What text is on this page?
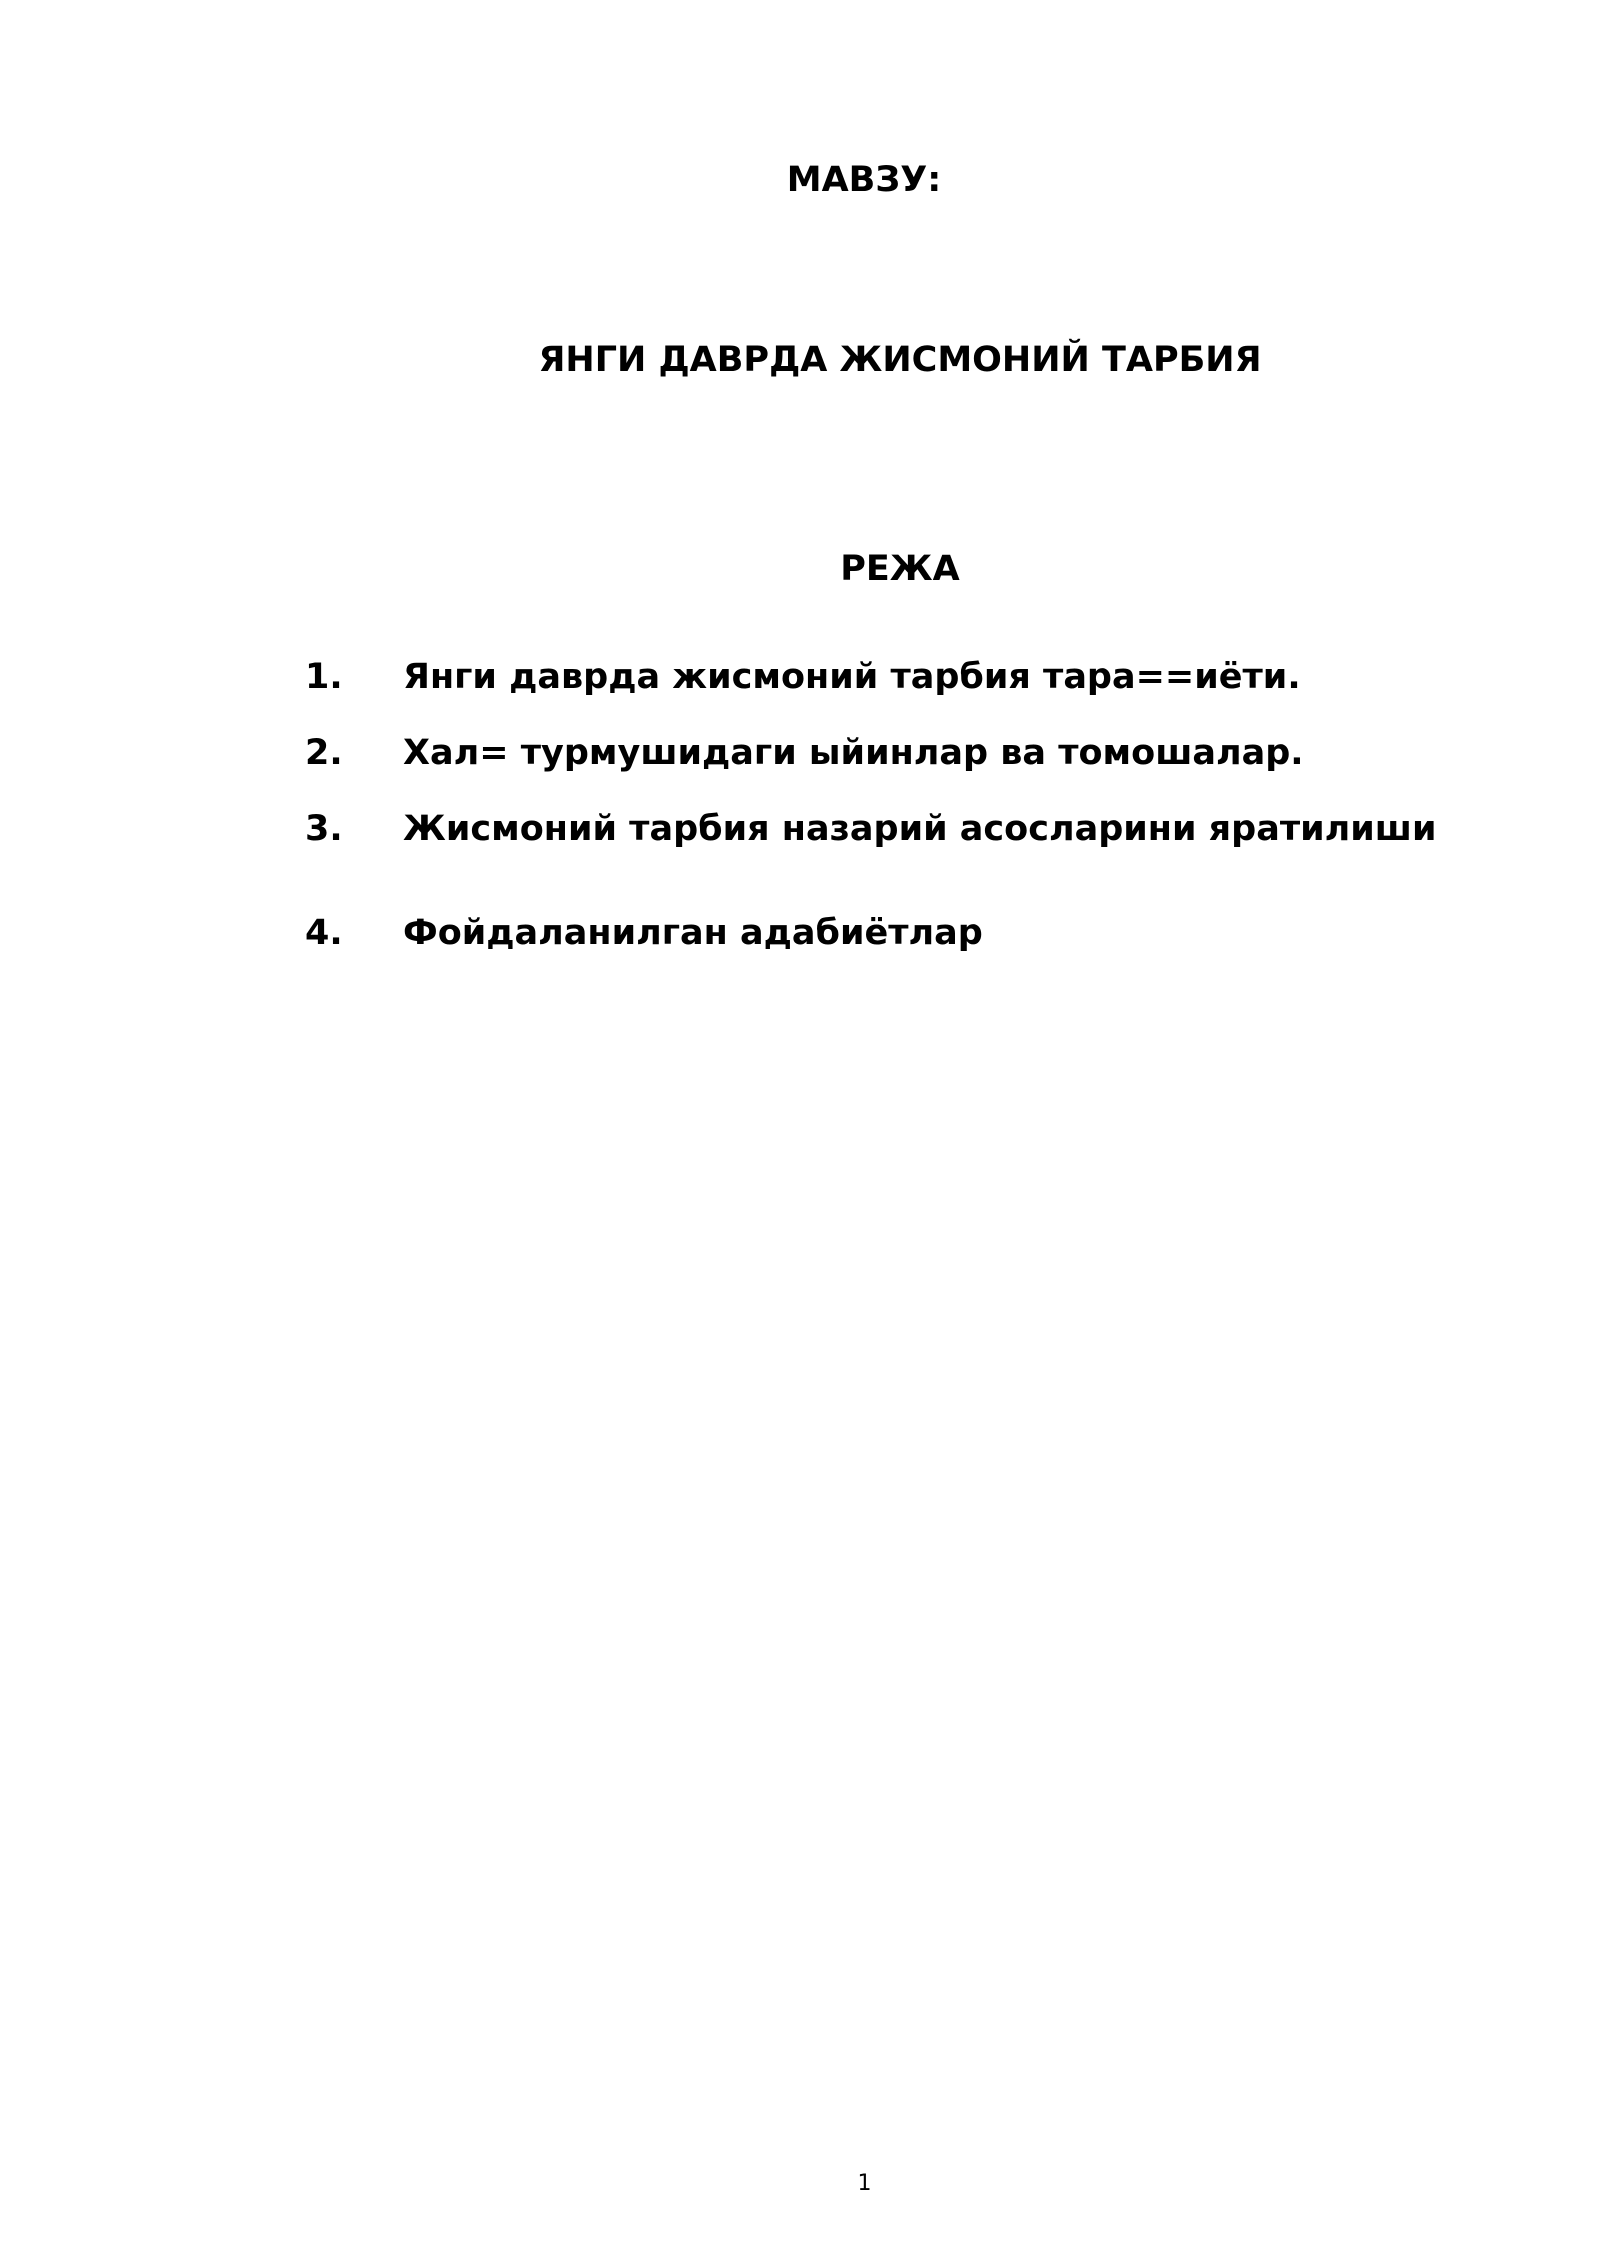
МАВЗУ:
ЯНГИ ДАВРДА ЖИСМОНИЙ ТАРБИЯ
РЕЖА
1. Янги даврда жисмоний тарбия тара==иёти.
2. Хал= турмушидаги ыйинлар ва томошалар.
3. Жисмоний тарбия назарий асосларини яратилиши
4. Фойдаланилган адабиётлар
1
